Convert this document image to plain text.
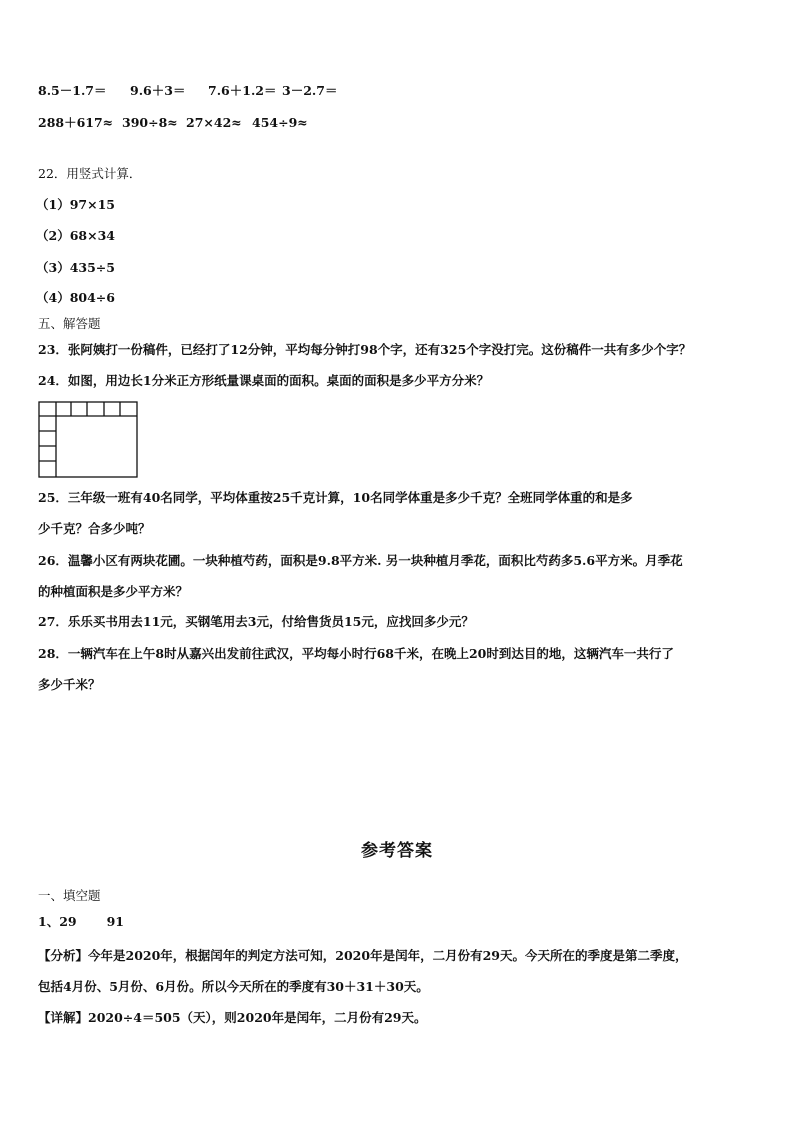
8.5－1.7＝ 9.6＋3＝ 7.6＋1.2＝ 3－2.7＝
288＋617≈ 390÷8≈ 27×42≈ 454÷9≈
22．用竖式计算．
（1）97×15
（2）68×34
（3）435÷5
（4）804÷6
五、解答题
23．张阿姨打一份稿件，已经打了12分钟，平均每分钟打98个字，还有325个字没打完。这份稿件一共有多少个字？
24．如图，用边长1分米正方形纸量课桌面的面积。桌面的面积是多少平方分米？
25．三年级一班有40名同学，平均体重按25千克计算，10名同学体重是多少千克？全班同学体重的和是多
少千克？合多少吨？
26．温馨小区有两块花圃。一块种植芍药，面积是9.8平方米. 另一块种植月季花，面积比芍药多5.6平方米。月季花
的种植面积是多少平方米？
27．乐乐买书用去11元，买钢笔用去3元，付给售货员15元，应找回多少元？
28．一辆汽车在上午8时从嘉兴出发前往武汉，平均每小时行68千米，在晚上20时到达目的地，这辆汽车一共行了
多少千米？
参考答案
一、填空题
1、29 91
【分析】今年是2020年，根据闰年的判定方法可知，2020年是闰年，二月份有29天。今天所在的季度是第二季度，
包括4月份、5月份、6月份。所以今天所在的季度有30＋31＋30天。
【详解】2020÷4＝505（天），则2020年是闰年，二月份有29天。
